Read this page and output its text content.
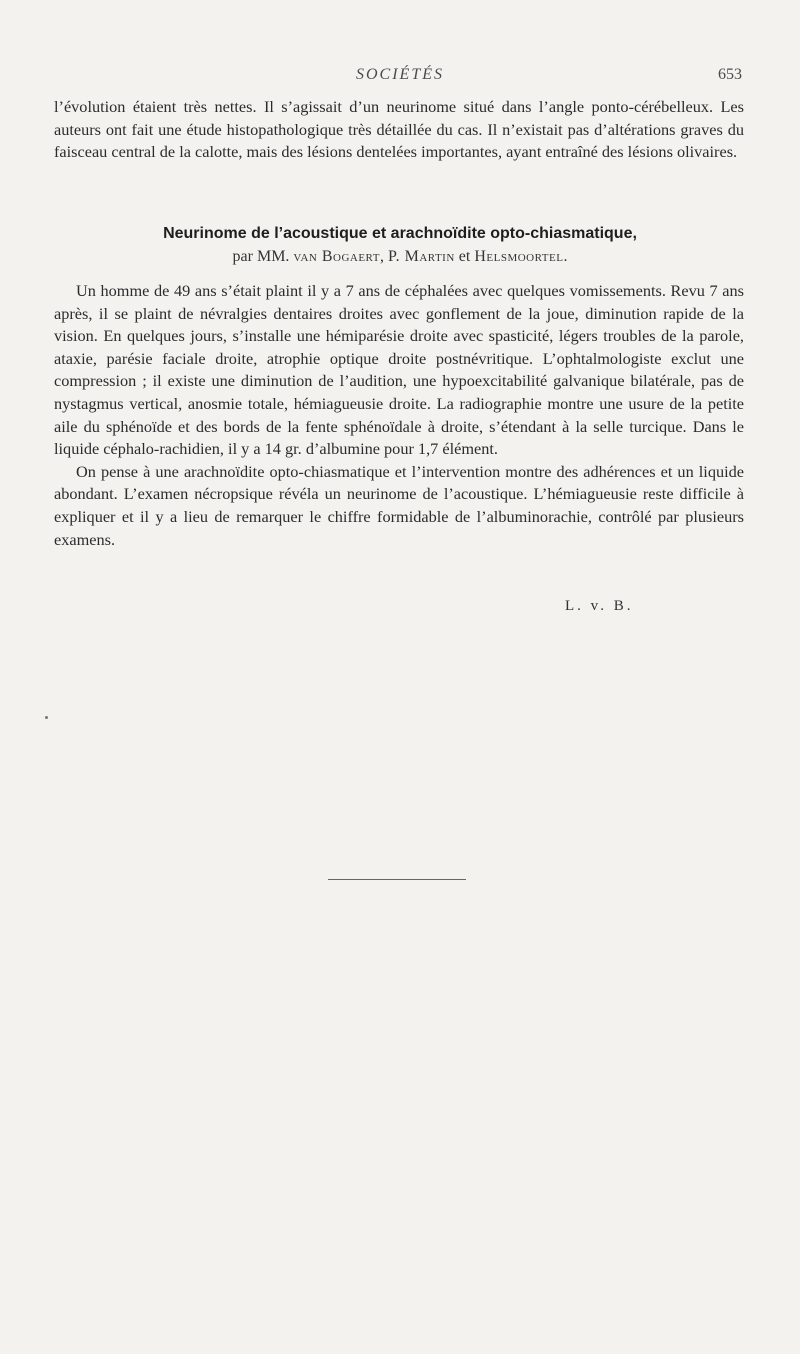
SOCIÉTÉS	653

l’évolution étaient très nettes. Il s’agissait d’un neurinome situé dans l’angle ponto-cérébelleux. Les auteurs ont fait une étude histopathologique très détaillée du cas. Il n’existait pas d’altérations graves du faisceau central de la calotte, mais des lésions dentelées importantes, ayant entraîné des lésions olivaires.

Neurinome de l’acoustique et arachnoïdite opto-chiasmatique,
par MM. van Bogaert, P. Martin et Helsmoortel.

Un homme de 49 ans s’était plaint il y a 7 ans de céphalées avec quelques vomissements. Revu 7 ans après, il se plaint de névralgies dentaires droites avec gonflement de la joue, diminution rapide de la vision. En quelques jours, s’installe une hémiparésie droite avec spasticité, légers troubles de la parole, ataxie, parésie faciale droite, atrophie optique droite postnévritique. L’ophtalmologiste exclut une compression ; il existe une diminution de l’audition, une hypoexcitabilité galvanique bilatérale, pas de nystagmus vertical, anosmie totale, hémiagueusie droite. La radiographie montre une usure de la petite aile du sphénoïde et des bords de la fente sphénoïdale à droite, s’étendant à la selle turcique. Dans le liquide céphalo-rachidien, il y a 14 gr. d’albumine pour 1,7 élément.

On pense à une arachnoïdite opto-chiasmatique et l’intervention montre des adhérences et un liquide abondant. L’examen nécropsique révéla un neurinome de l’acoustique. L’hémiagueusie reste difficile à expliquer et il y a lieu de remarquer le chiffre formidable de l’albuminorachie, contrôlé par plusieurs examens.

L. v. B.
